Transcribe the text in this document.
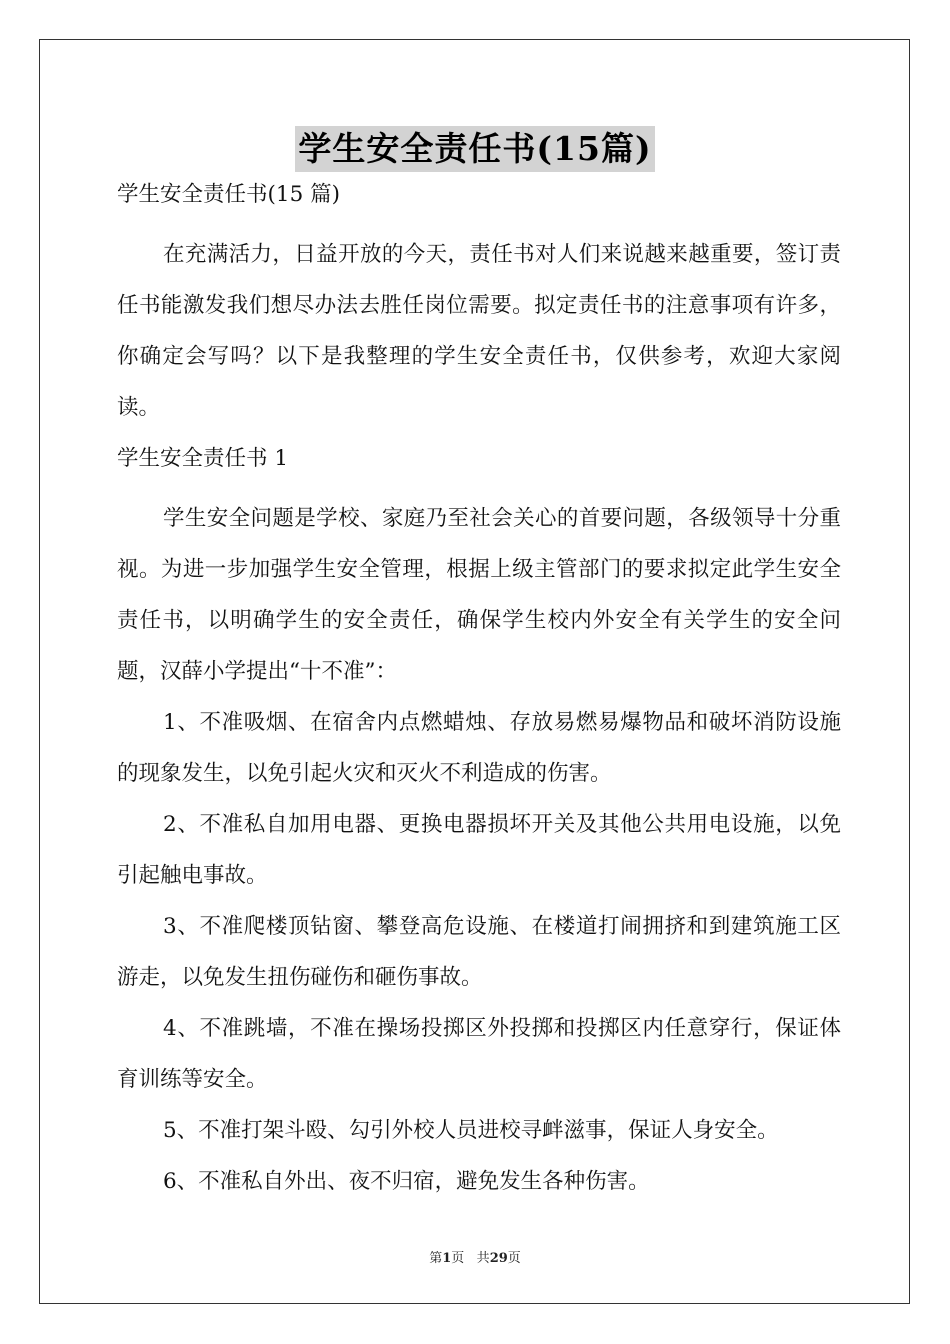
学生安全责任书(15篇)

学生安全责任书(15 篇)

在充满活力，日益开放的今天，责任书对人们来说越来越重要，签订责任书能激发我们想尽办法去胜任岗位需要。拟定责任书的注意事项有许多，你确定会写吗？以下是我整理的学生安全责任书，仅供参考，欢迎大家阅读。

学生安全责任书 1

学生安全问题是学校、家庭乃至社会关心的首要问题，各级领导十分重视。为进一步加强学生安全管理，根据上级主管部门的要求拟定此学生安全责任书，以明确学生的安全责任，确保学生校内外安全有关学生的安全问题，汉薛小学提出“十不准”：

1、不准吸烟、在宿舍内点燃蜡烛、存放易燃易爆物品和破坏消防设施的现象发生，以免引起火灾和灭火不利造成的伤害。

2、不准私自加用电器、更换电器损坏开关及其他公共用电设施，以免引起触电事故。

3、不准爬楼顶钻窗、攀登高危设施、在楼道打闹拥挤和到建筑施工区游走，以免发生扭伤碰伤和砸伤事故。

4、不准跳墙，不准在操场投掷区外投掷和投掷区内任意穿行，保证体育训练等安全。

5、不准打架斗殴、勾引外校人员进校寻衅滋事，保证人身安全。

6、不准私自外出、夜不归宿，避免发生各种伤害。

第1页 共29页
